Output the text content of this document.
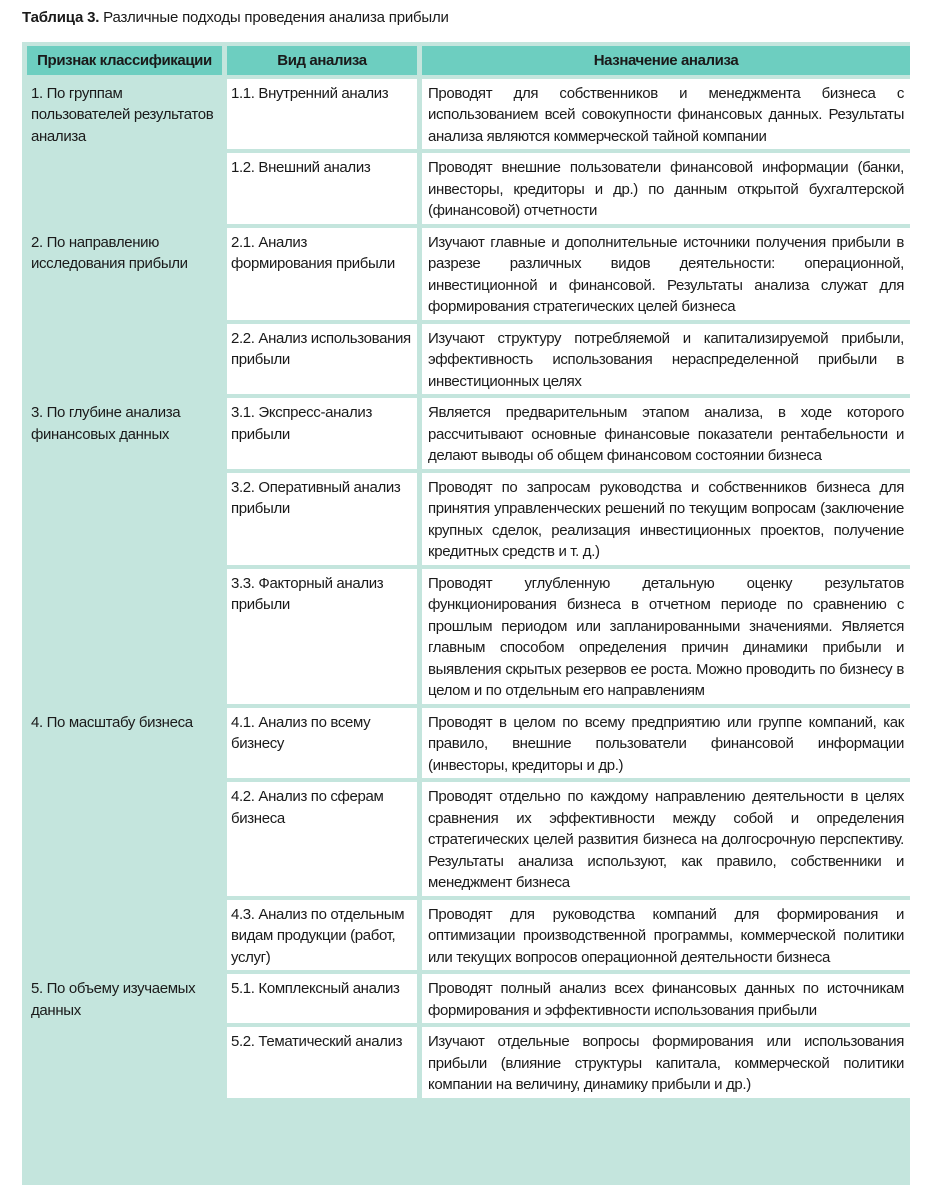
Таблица 3. Различные подходы проведения анализа прибыли
Признак классификации	Вид анализа	Назначение анализа
1. По группам пользователей результатов анализа	1.1. Внутренний анализ	Проводят для собственников и менеджмента бизнеса с использованием всей совокупности финансовых данных. Результаты анализа являются коммерческой тайной компании
	1.2. Внешний анализ	Проводят внешние пользователи финансовой информации (банки, инвесторы, кредиторы и др.) по данным открытой бухгалтерской (финансовой) отчетности
2. По направлению исследования прибыли	2.1. Анализ формирования прибыли	Изучают главные и дополнительные источники получения прибыли в разрезе различных видов деятельности: операционной, инвестиционной и финансовой. Результаты анализа служат для формирования стратегических целей бизнеса
	2.2. Анализ использования прибыли	Изучают структуру потребляемой и капитализируемой прибыли, эффективность использования нераспределенной прибыли в инвестиционных целях
3. По глубине анализа финансовых данных	3.1. Экспресс-анализ прибыли	Является предварительным этапом анализа, в ходе которого рассчитывают основные финансовые показатели рентабельности и делают выводы об общем финансовом состоянии бизнеса
	3.2. Оперативный анализ прибыли	Проводят по запросам руководства и собственников бизнеса для принятия управленческих решений по текущим вопросам (заключение крупных сделок, реализация инвестиционных проектов, получение кредитных средств и т. д.)
	3.3. Факторный анализ прибыли	Проводят углубленную детальную оценку результатов функционирования бизнеса в отчетном периоде по сравнению с прошлым периодом или запланированными значениями. Является главным способом определения причин динамики прибыли и выявления скрытых резервов ее роста. Можно проводить по бизнесу в целом и по отдельным его направлениям
4. По масштабу бизнеса	4.1. Анализ по всему бизнесу	Проводят в целом по всему предприятию или группе компаний, как правило, внешние пользователи финансовой информации (инвесторы, кредиторы и др.)
	4.2. Анализ по сферам бизнеса	Проводят отдельно по каждому направлению деятельности в целях сравнения их эффективности между собой и определения стратегических целей развития бизнеса на долгосрочную перспективу. Результаты анализа используют, как правило, собственники и менеджмент бизнеса
	4.3. Анализ по отдельным видам продукции (работ, услуг)	Проводят для руководства компаний для формирования и оптимизации производственной программы, коммерческой политики или текущих вопросов операционной деятельности бизнеса
5. По объему изучаемых данных	5.1. Комплексный анализ	Проводят полный анализ всех финансовых данных по источникам формирования и эффективности использования прибыли
	5.2. Тематический анализ	Изучают отдельные вопросы формирования или использования прибыли (влияние структуры капитала, коммерческой политики компании на величину, динамику прибыли и др.)
